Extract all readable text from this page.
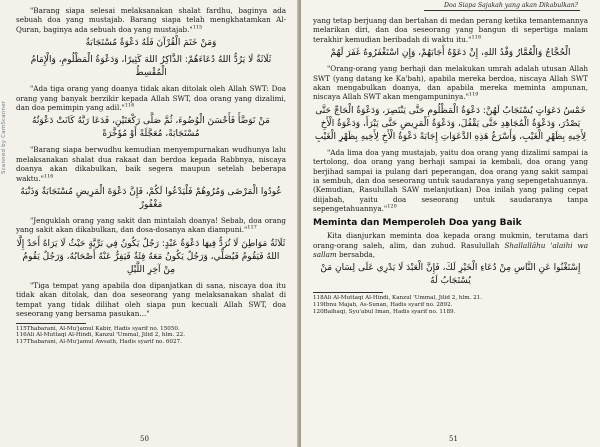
Scanned by CamScanner

"Barang siapa selesai melaksanakan shalat fardhu, baginya ada sebuah doa yang mustajab. Barang siapa telah mengkhatamkan Al-Quran, baginya ada sebuah doa yang mustajab."$^{115}$

وَمَنْ خَتَمَ الْقُرْآنَ فَلَهُ دَعْوَةٌ مُسْتَجَابَةٌ
ثَلَاثَةٌ لَا يَرُدُّ اللهُ دُعَاءَهُمْ: الذَّاكِرُ اللهَ كَثِيرًا، وَدَعْوَةُ الْمَظْلُومِ، وَالْإِمَامُ الْمُقْسِطُ

"Ada tiga orang yang doanya tidak akan ditolak oleh Allah SWT: Doa orang yang banyak berzikir kepada Allah SWT, doa orang yang dizalimi, dan doa pemimpin yang adil."$^{116}$

مَنْ تَوَضَّأَ فَأَحْسَنَ الْوُضُوءَ، ثُمَّ صَلَّى رَكْعَتَيْنِ، فَدَعَا رَبَّهُ كَانَتْ دَعْوَتُهُ مُسْتَجَابَةً، مُعَجَّلَةً أَوْ مُؤَخَّرَةً

"Barang siapa berwudhu kemudian menyempurnakan wudhunya lalu melaksanakan shalat dua rakaat dan berdoa kepada Rabbnya, niscaya doanya akan dikabulkan, baik segera maupun setelah beberapa waktu."$^{116}$

عُودُوا الْمَرْضَى وَمُرُوهُمْ فَلْيَدْعُوا لَكُمْ، فَإِنَّ دَعْوَةَ الْمَرِيضِ مُسْتَجَابَةٌ وَذَنْبَهُ مَغْفُورٌ

"Jenguklah orang yang sakit dan mintalah doanya! Sebab, doa orang yang sakit akan dikabulkan, dan dosa-dosanya akan diampuni."$^{117}$

ثَلَاثَةُ مَوَاطِنَ لَا تُرَدُّ فِيهَا دَعْوَةُ عَبْدٍ: رَجُلٌ يَكُونُ فِي بَرِّيَّةٍ حَيْثُ لَا يَرَاهُ أَحَدٌ إِلَّا اللهُ فَيَقُومُ فَيُصَلِّي، وَرَجُلٌ يَكُونُ مَعَهُ فِئَةٌ فَيَفِرُّ عَنْهُ أَصْحَابُهُ، وَرَجُلٌ يَقُومُ مِنْ آخِرِ اللَّيْلِ

"Tiga tempat yang apabila doa dipanjatkan di sana, niscaya doa itu tidak akan ditolak, dan doa seseorang yang melaksanakan shalat di tempat yang tidak dilihat oleh siapa pun kecuali Allah SWT, doa seseorang yang bersama pasukan..."

115Thabarani, Al-Mu'jamul Kabir, Hadis syarif no. 15050.

116Ali Al-Muttaqi Al-Hindi, Kanzul 'Ummal, Jilid 2, hlm. 22.

117Thabarani, Al-Mu'jamul Awsath, Hadis syarif no. 6027.

50
Doa Siapa Sajakah yang akan Dikabulkan?

yang tetap berjuang dan bertahan di medan perang ketika temantemannya melarikan diri, dan doa seseorang yang bangun di sepertiga malam terakhir kemudian beribadah di waktu itu."$^{118}$

الْحُجَّاجُ وَالْعُمَّارُ وَفْدُ اللهِ، إِنْ دَعَوْهُ أَجَابَهُمْ، وَإِنِ اسْتَغْفَرُوهُ غَفَرَ لَهُمْ

"Orang-orang yang berhaji dan melakukan umrah adalah utusan Allah SWT (yang datang ke Ka'bah), apabila mereka berdoa, niscaya Allah SWT akan mengabulkan doanya, dan apabila mereka meminta ampunan, niscaya Allah SWT akan mengampuninya."$^{119}$

خَمْسُ دَعَوَاتٍ يُسْتَجَابُ لَهُنَّ: دَعْوَةُ الْمَظْلُومِ حَتَّى يَنْتَصِرَ، وَدَعْوَةُ الْحَاجِّ حَتَّى يَصْدُرَ، وَدَعْوَةُ الْمُجَاهِدِ حَتَّى يَقْفُلَ، وَدَعْوَةُ الْمَرِيضِ حَتَّى يَبْرَأَ، وَدَعْوَةُ الْأَخِ لِأَخِيهِ بِظَهْرِ الْغَيْبِ، وَأَسْرَعُ هَذِهِ الدَّعَوَاتِ إِجَابَةً دَعْوَةُ الْأَخِ لِأَخِيهِ بِظَهْرِ الْغَيْبِ

"Ada lima doa yang mustajab, yaitu doa orang yang dizalimi sampai ia tertolong, doa orang yang berhaji sampai ia kembali, doa orang yang berjihad sampai ia pulang dari peperangan, doa orang yang sakit sampai ia sembuh, dan doa seseorang untuk saudaranya yang sepengetahuannya. (Kemudian, Rasulullah SAW melanjutkan) Doa inilah yang paling cepat diijabah, yaitu doa seseorang untuk saudaranya tanpa sepengetahuannya."$^{120}$

Meminta dan Memperoleh Doa yang Baik

Kita dianjurkan meminta doa kepada orang mukmin, terutama dari orang-orang saleh, alim, dan zuhud. Rasulullah Shallallâhu 'alaihi wa sallam bersabda,

إِسْتَغْنُوا عَنِ النَّاسِ مِنْ دُعَاءِ الْخَيْرِ لَكَ، فَإِنَّ الْعَبْدَ لَا يَدْرِي عَلَى لِسَانِ مَنْ يُسْتَجَابُ لَهُ

118Ali Al-Muttaqi Al-Hindi, Kanzul 'Ummal, Jilid 2, hlm. 21.

119Ibnu Majah, As-Sunan, Hadis syarif no. 2892.

120Baihaqi, Syu'abul Iman, Hadis syarif no. 1189.

51
